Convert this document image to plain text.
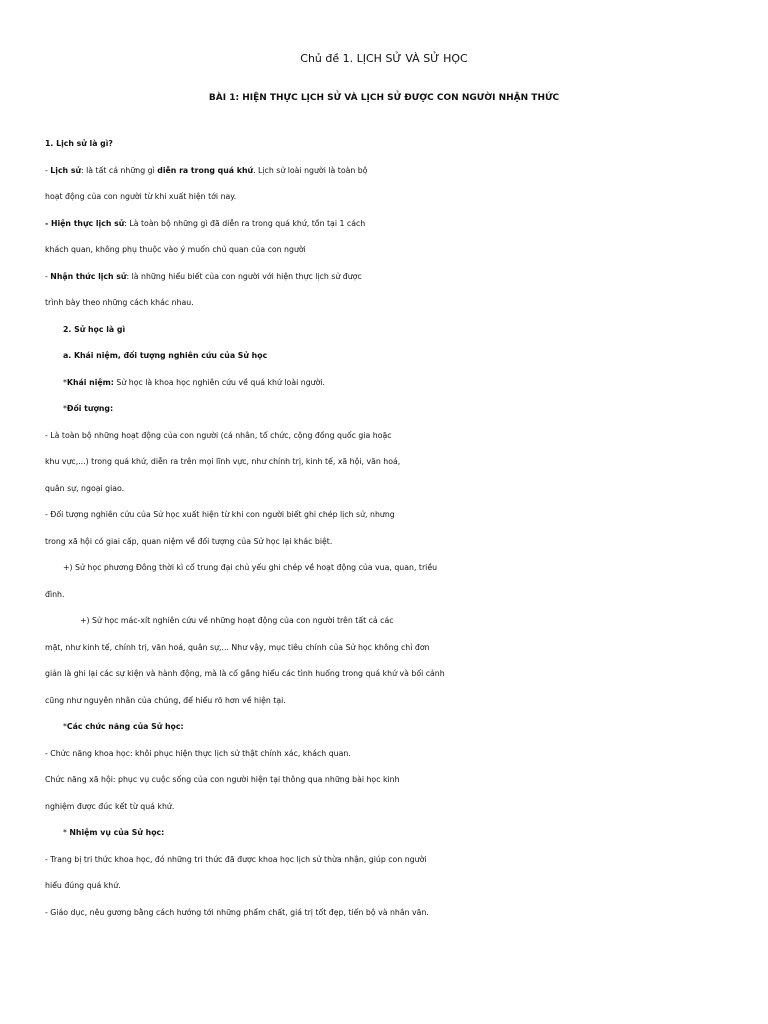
Chủ đề 1. LỊCH SỬ VÀ SỬ HỌC
BÀI 1: HIỆN THỰC LỊCH SỬ VÀ LỊCH SỬ ĐƯỢC CON NGƯỜI NHẬN THỨC
1. Lịch sử là gì?
- Lịch sử: là tất cả những gì diễn ra trong quá khứ. Lịch sử loài người là toàn bộ
hoạt động của con người từ khi xuất hiện tới nay.
- Hiện thực lịch sử: Là toàn bộ những gì đã diễn ra trong quá khứ, tồn tại 1 cách
khách quan, không phụ thuộc vào ý muốn chủ quan của con người
- Nhận thức lịch sử: là những hiểu biết của con người với hiện thực lịch sử được
trình bày theo những cách khác nhau.
2. Sử học là gì
a. Khái niệm, đối tượng nghiên cứu của Sử học
*Khái niệm: Sử học là khoa học nghiên cứu về quá khứ loài người.
*Đối tượng:
- Là toàn bộ những hoạt động của con người (cá nhân, tổ chức, cộng đồng quốc gia hoặc
khu vực,...) trong quá khứ, diễn ra trên mọi lĩnh vực, như chính trị, kinh tế, xã hội, văn hoá,
quân sự, ngoại giao.
- Đối tượng nghiên cứu của Sử học xuất hiện từ khi con người biết ghi chép lịch sử, nhưng
trong xã hội có giai cấp, quan niệm về đối tượng của Sử học lại khác biệt.
+) Sử học phương Đông thời kì cổ trung đại chủ yếu ghi chép về hoạt động của vua, quan, triều
đình.
+) Sử học mác-xít nghiên cứu về những hoạt động của con người trên tất cả các
mặt, như kinh tế, chính trị, văn hoá, quân sự,... Như vậy, mục tiêu chính của Sử học không chỉ đơn
giản là ghi lại các sự kiện và hành động, mà là cố gắng hiểu các tình huống trong quá khứ và bối cảnh
cũng như nguyên nhân của chúng, để hiểu rõ hơn về hiện tại.
*Các chức năng của Sử học:
- Chức năng khoa học: khôi phục hiện thực lịch sử thật chính xác, khách quan.
Chức năng xã hội: phục vụ cuộc sống của con người hiện tại thông qua những bài học kinh
nghiệm được đúc kết từ quá khứ.
* Nhiệm vụ của Sử học:
- Trang bị tri thức khoa học, đó những tri thức đã được khoa học lịch sử thừa nhận, giúp con người
hiểu đúng quá khứ.
- Giáo dục, nêu gương bằng cách hướng tới những phẩm chất, giá trị tốt đẹp, tiến bộ và nhân văn.
